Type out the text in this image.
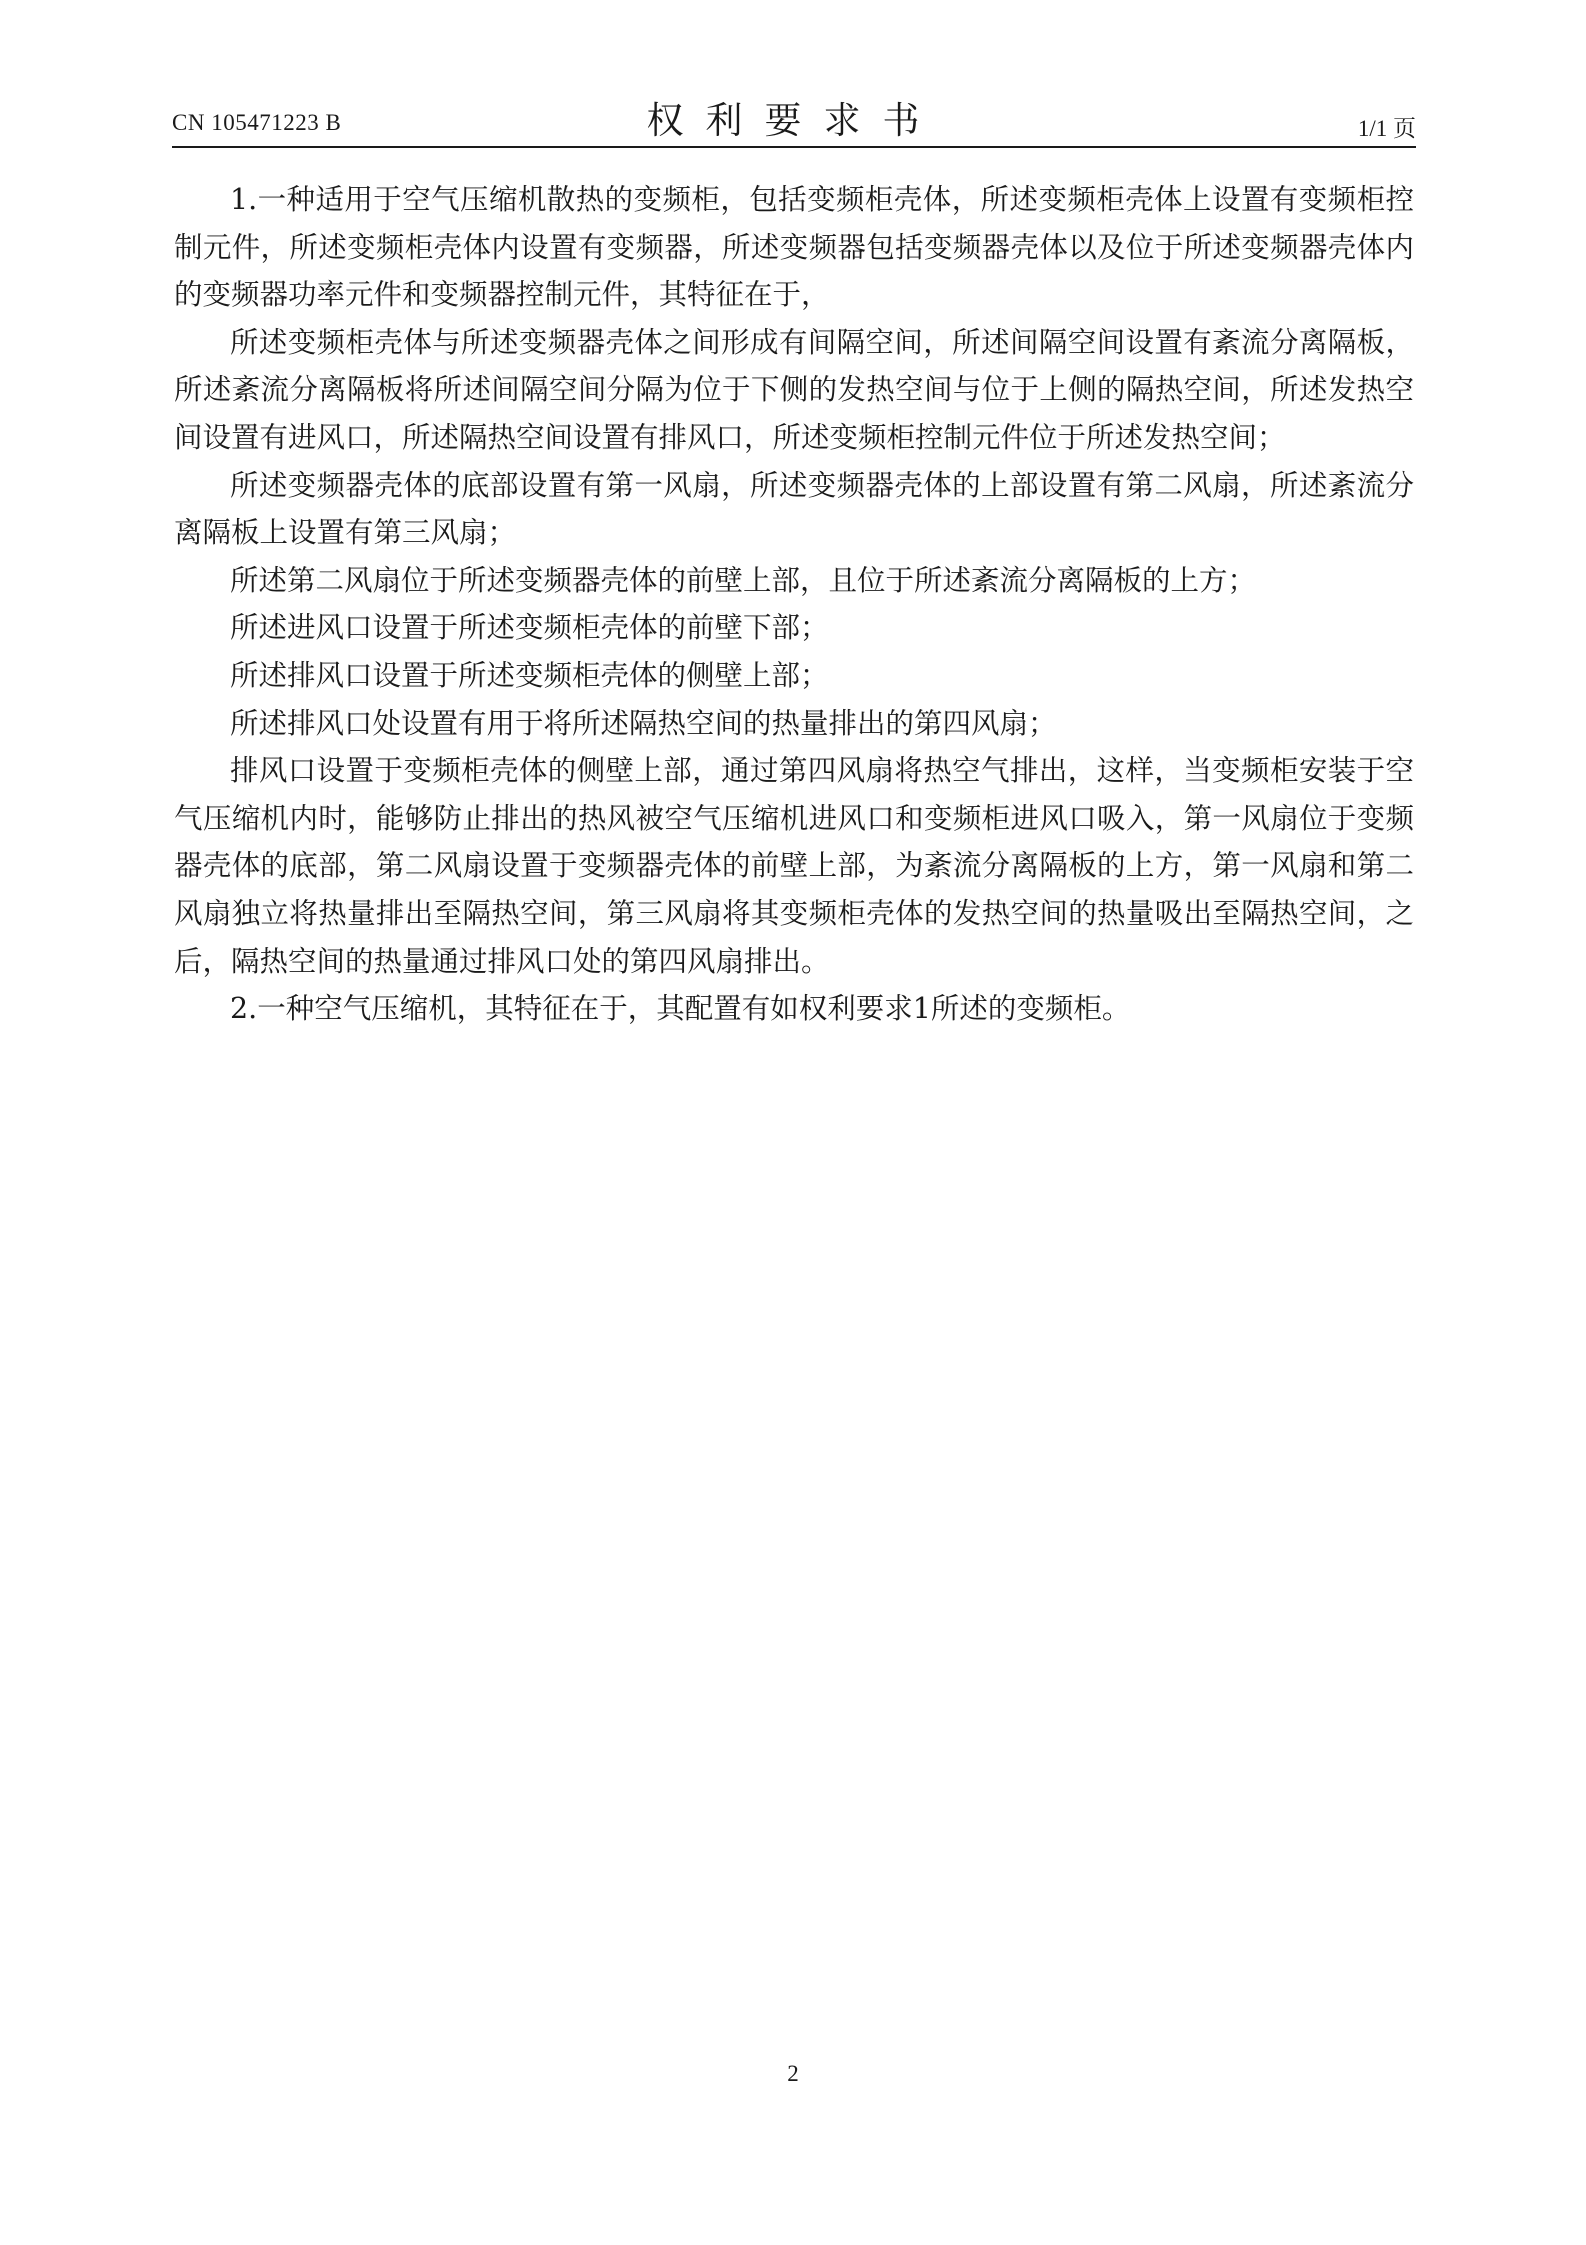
CN 105471223 B	权利要求书	1/1 页

1.一种适用于空气压缩机散热的变频柜，包括变频柜壳体，所述变频柜壳体上设置有变频柜控制元件，所述变频柜壳体内设置有变频器，所述变频器包括变频器壳体以及位于所述变频器壳体内的变频器功率元件和变频器控制元件，其特征在于，

所述变频柜壳体与所述变频器壳体之间形成有间隔空间，所述间隔空间设置有紊流分离隔板，所述紊流分离隔板将所述间隔空间分隔为位于下侧的发热空间与位于上侧的隔热空间，所述发热空间设置有进风口，所述隔热空间设置有排风口，所述变频柜控制元件位于所述发热空间；

所述变频器壳体的底部设置有第一风扇，所述变频器壳体的上部设置有第二风扇，所述紊流分离隔板上设置有第三风扇；

所述第二风扇位于所述变频器壳体的前壁上部，且位于所述紊流分离隔板的上方；

所述进风口设置于所述变频柜壳体的前壁下部；

所述排风口设置于所述变频柜壳体的侧壁上部；

所述排风口处设置有用于将所述隔热空间的热量排出的第四风扇；

排风口设置于变频柜壳体的侧壁上部，通过第四风扇将热空气排出，这样，当变频柜安装于空气压缩机内时，能够防止排出的热风被空气压缩机进风口和变频柜进风口吸入，第一风扇位于变频器壳体的底部，第二风扇设置于变频器壳体的前壁上部，为紊流分离隔板的上方，第一风扇和第二风扇独立将热量排出至隔热空间，第三风扇将其变频柜壳体的发热空间的热量吸出至隔热空间，之后，隔热空间的热量通过排风口处的第四风扇排出。

2.一种空气压缩机，其特征在于，其配置有如权利要求1所述的变频柜。

2
